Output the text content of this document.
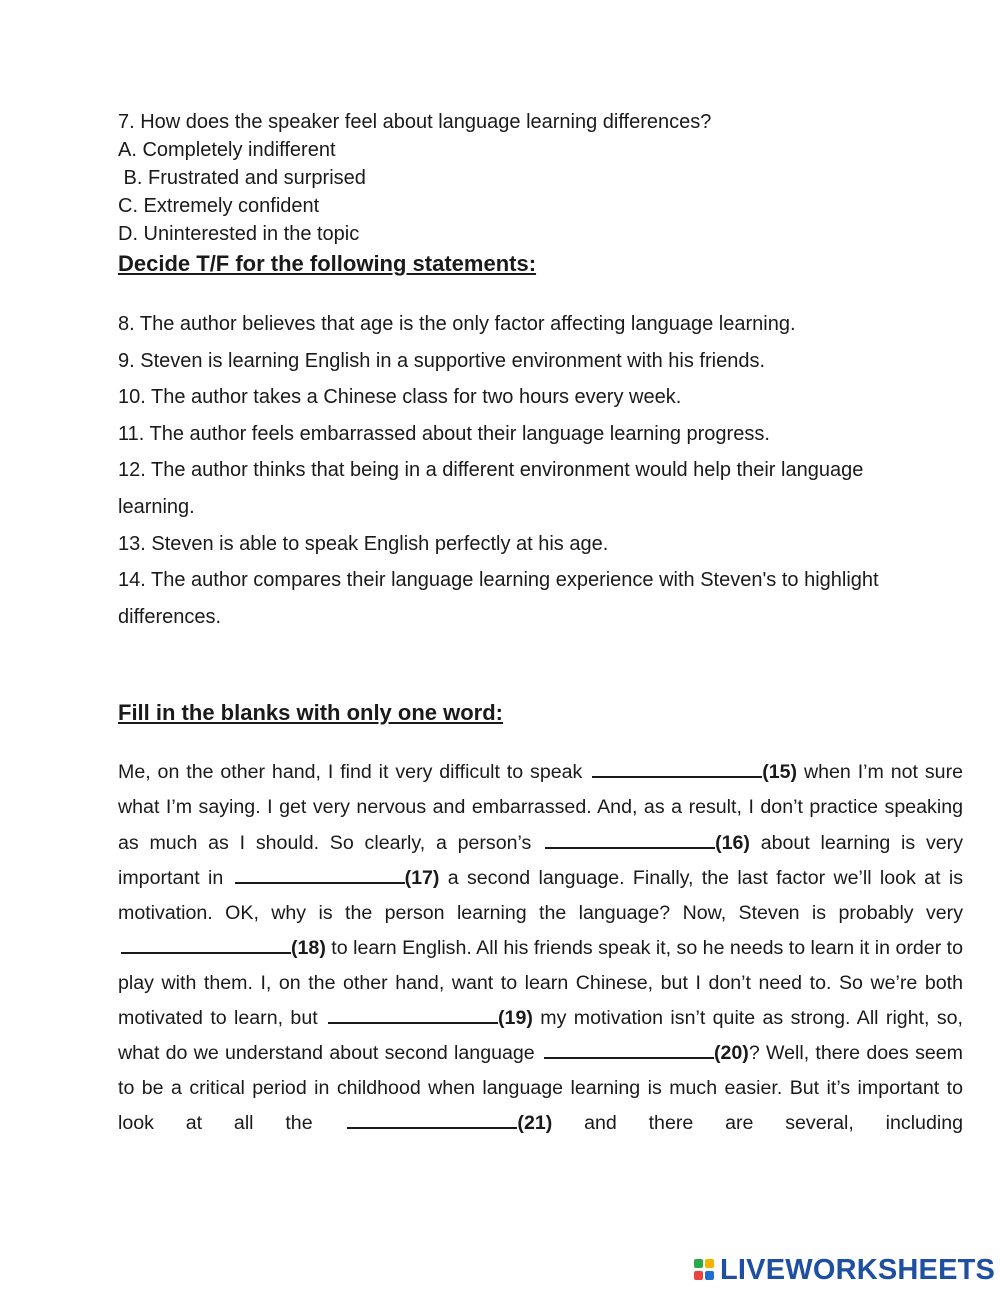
7. How does the speaker feel about language learning differences?

A. Completely indifferent

B. Frustrated and surprised

C. Extremely confident

D. Uninterested in the topic

Decide T/F for the following statements:

8. The author believes that age is the only factor affecting language learning.

9. Steven is learning English in a supportive environment with his friends.

10. The author takes a Chinese class for two hours every week.

11. The author feels embarrassed about their language learning progress.

12. The author thinks that being in a different environment would help their language

learning.

13. Steven is able to speak English perfectly at his age.

14. The author compares their language learning experience with Steven's to highlight

differences.

Fill in the blanks with only one word:

Me, on the other hand, I find it very difficult to speak	(15) when I’m not sure what I’m saying. I get very nervous and embarrassed. And, as a result, I don’t practice speaking as much as I should. So clearly, a person’s	(16) about learning is very important in	(17) a second language. Finally, the last factor we’ll look at is motivation. OK, why is the person learning the language? Now, Steven is probably very (18) to learn English. All his friends speak it, so he needs to learn it in order to play with them. I, on the other hand, want to learn Chinese, but I don’t need to. So we’re both motivated to learn, but	(19) my motivation isn’t quite as strong. All right, so, what do we understand about second language	(20)? Well, there does seem to be a critical period in childhood when language learning is much easier. But it’s important to look at all the	(21) and there are several, including

LIVEWORKSHEETS
